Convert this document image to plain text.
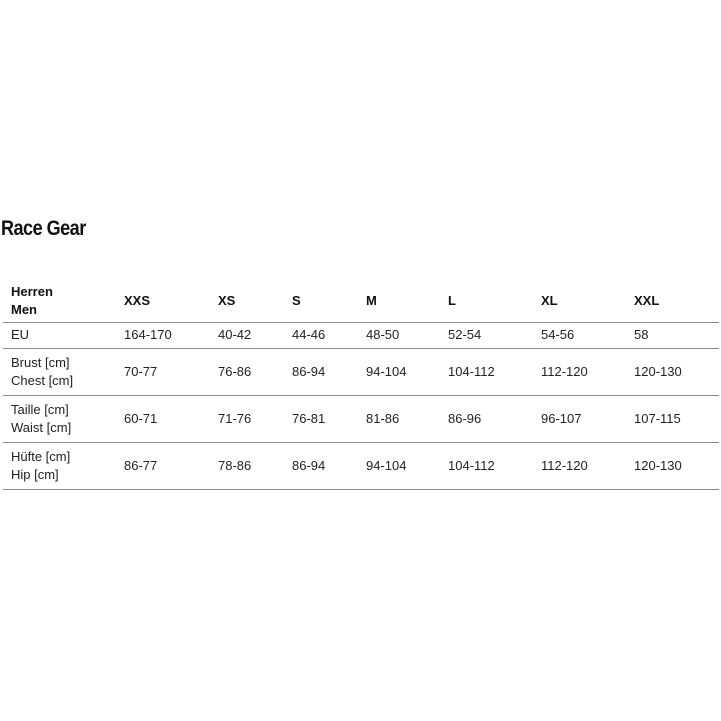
Race Gear
Herren
Men	XXS	XS	S	M	L	XL	XXL
EU	164-170	40-42	44-46	48-50	52-54	54-56	58

Brust [cm]
Chest [cm]	70-77	76-86	86-94	94-104	104-112	112-120	120-130

Taille [cm]
Waist [cm]	60-71	71-76	76-81	81-86	86-96	96-107	107-115

Hüfte [cm]
Hip [cm]	86-77	78-86	86-94	94-104	104-112	112-120	120-130
